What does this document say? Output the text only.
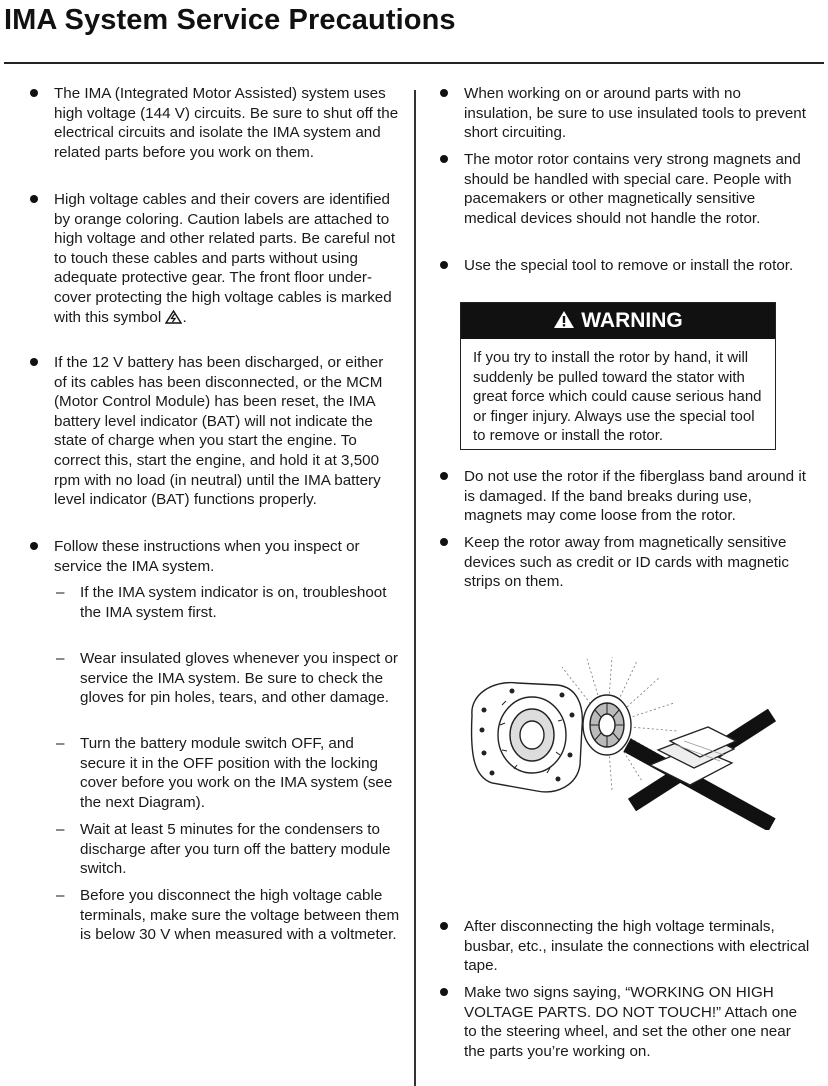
IMA System Service Precautions
The IMA (Integrated Motor Assisted) system uses high voltage (144 V) circuits. Be sure to shut off the electrical circuits and isolate the IMA system and related parts before you work on them.
High voltage cables and their covers are identified by orange coloring. Caution labels are attached to high voltage and other related parts. Be careful not to touch these cables and parts without using adequate protective gear. The front floor under-cover protecting the high voltage cables is marked with this symbol .
If the 12 V battery has been discharged, or either of its cables has been disconnected, or the MCM (Motor Control Module) has been reset, the IMA battery level indicator (BAT) will not indicate the state of charge when you start the engine. To correct this, start the engine, and hold it at 3,500 rpm with no load (in neutral) until the IMA battery level indicator (BAT) functions properly.
Follow these instructions when you inspect or service the IMA system.
– If the IMA system indicator is on, troubleshoot the IMA system first.
– Wear insulated gloves whenever you inspect or service the IMA system. Be sure to check the gloves for pin holes, tears, and other damage.
– Turn the battery module switch OFF, and secure it in the OFF position with the locking cover before you work on the IMA system (see the next Diagram).
– Wait at least 5 minutes for the condensers to discharge after you turn off the battery module switch.
– Before you disconnect the high voltage cable terminals, make sure the voltage between them is below 30 V when measured with a voltmeter.
When working on or around parts with no insulation, be sure to use insulated tools to prevent short circuiting.
The motor rotor contains very strong magnets and should be handled with special care. People with pacemakers or other magnetically sensitive medical devices should not handle the rotor.
Use the special tool to remove or install the rotor.
WARNING
If you try to install the rotor by hand, it will suddenly be pulled toward the stator with great force which could cause serious hand or finger injury. Always use the special tool to remove or install the rotor.
Do not use the rotor if the fiberglass band around it is damaged. If the band breaks during use, magnets may come loose from the rotor.
Keep the rotor away from magnetically sensitive devices such as credit or ID cards with magnetic strips on them.
After disconnecting the high voltage terminals, busbar, etc., insulate the connections with electrical tape.
Make two signs saying, “WORKING ON HIGH VOLTAGE PARTS. DO NOT TOUCH!” Attach one to the steering wheel, and set the other one near the parts you’re working on.
